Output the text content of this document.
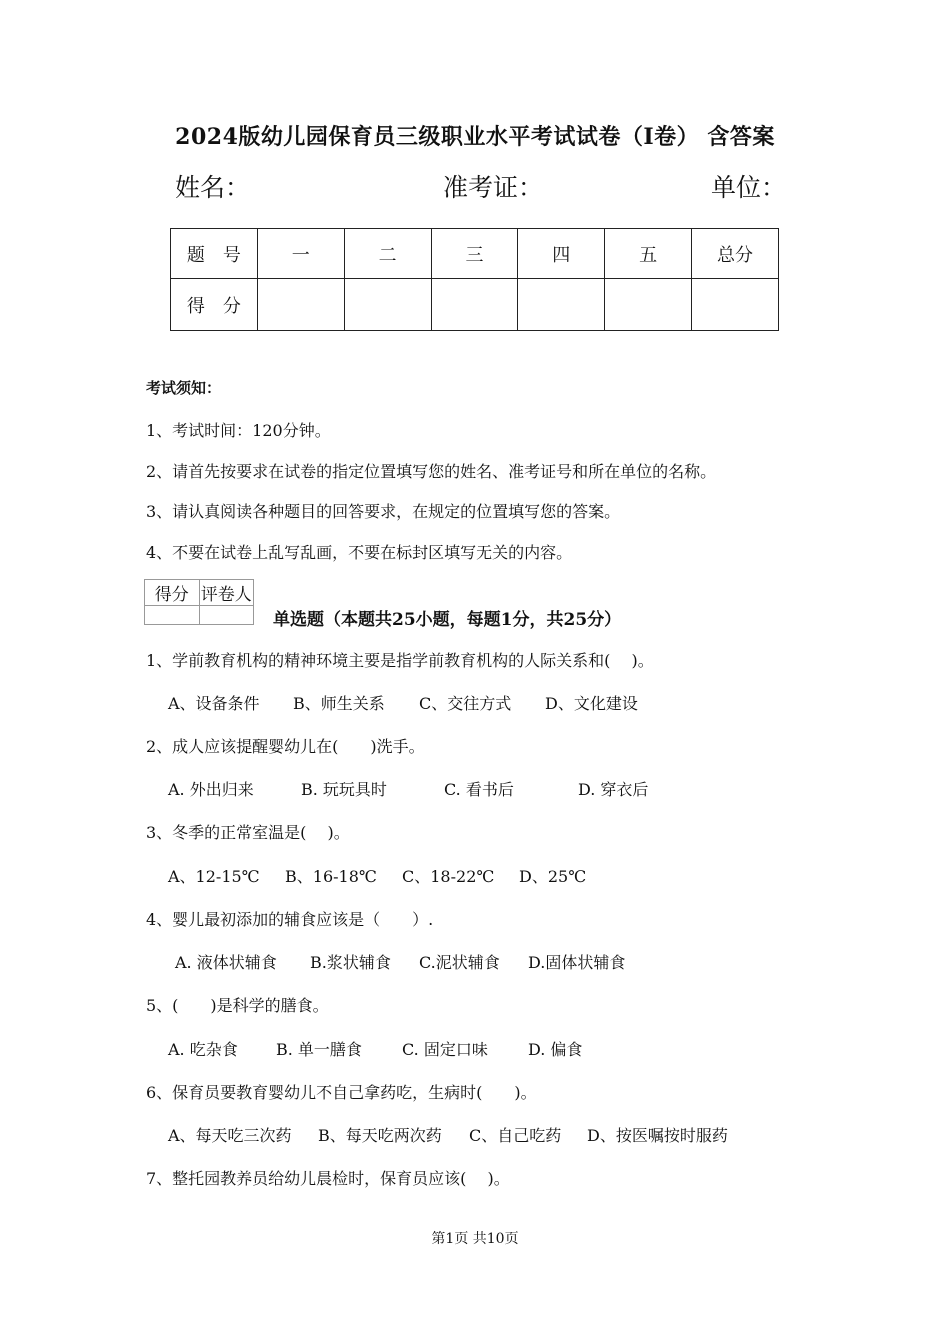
2024版幼儿园保育员三级职业水平考试试卷（I卷） 含答案
姓名：	准考证：	单位：
题　号	一	二	三	四	五	总分
得　分						
考试须知：
1、考试时间：120分钟。
2、请首先按要求在试卷的指定位置填写您的姓名、准考证号和所在单位的名称。
3、请认真阅读各种题目的回答要求，在规定的位置填写您的答案。
4、不要在试卷上乱写乱画，不要在标封区填写无关的内容。
得分	评卷人

单选题（本题共25小题，每题1分，共25分）
1、学前教育机构的精神环境主要是指学前教育机构的人际关系和(　 )。
A、设备条件 B、师生关系 C、交往方式 D、文化建设
2、成人应该提醒婴幼儿在(　　)洗手。
A. 外出归来	B. 玩玩具时	C. 看书后	D. 穿衣后
3、冬季的正常室温是(　 )。
A、12-15℃ B、16-18℃ C、18-22℃ D、25℃
4、婴儿最初添加的辅食应该是（　　）.
A. 液体状辅食 B.浆状辅食 C.泥状辅食 D.固体状辅食
5、(　　)是科学的膳食。
A. 吃杂食 B. 单一膳食	C. 固定口味	D. 偏食
6、保育员要教育婴幼儿不自己拿药吃，生病时(　　)。
A、每天吃三次药 B、每天吃两次药 C、自己吃药 D、按医嘱按时服药
7、整托园教养员给幼儿晨检时，保育员应该(　 )。
第1页 共10页
